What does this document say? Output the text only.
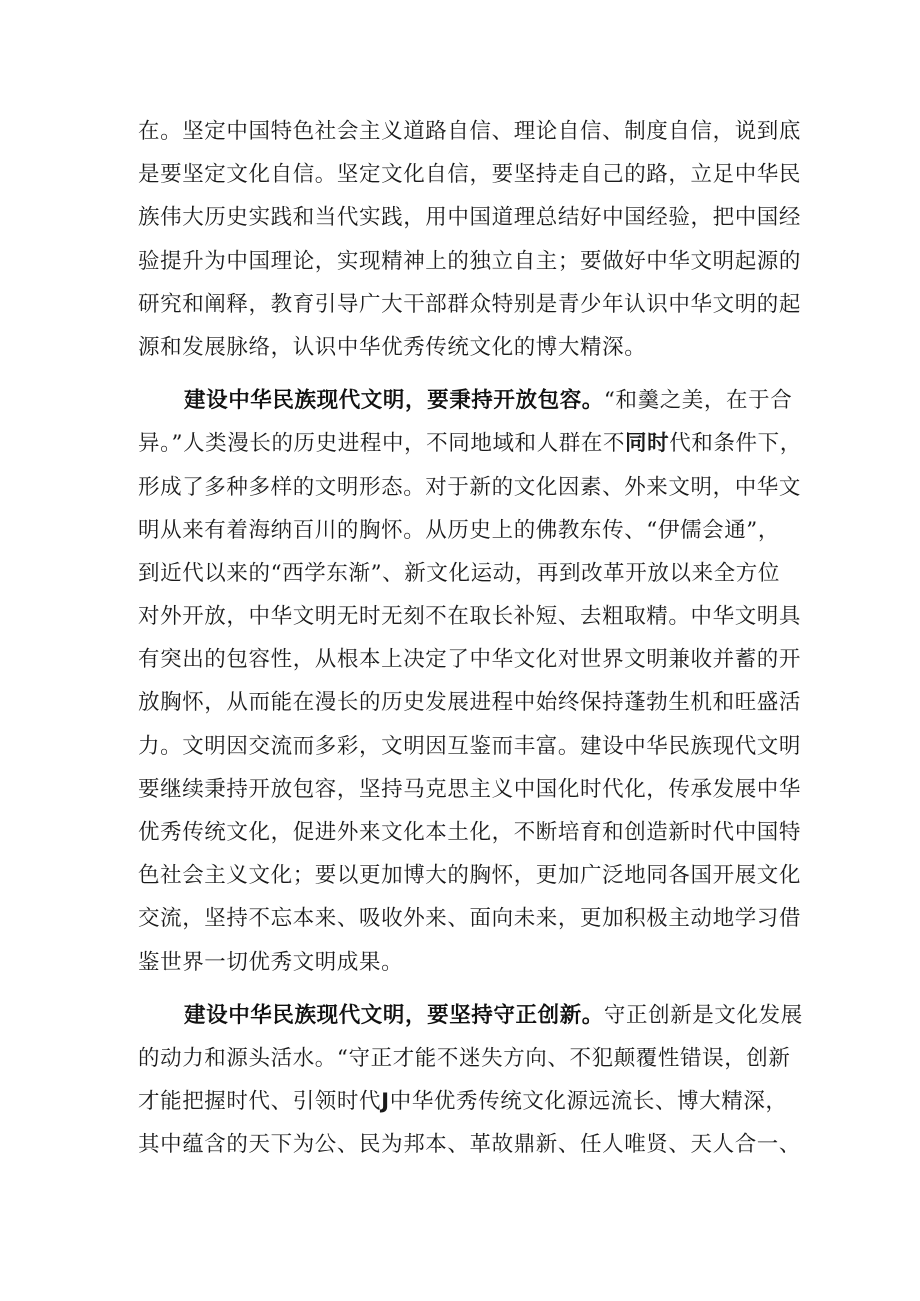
在。坚定中国特色社会主义道路自信、理论自信、制度自信，说到底
是要坚定文化自信。坚定文化自信，要坚持走自己的路，立足中华民
族伟大历史实践和当代实践，用中国道理总结好中国经验，把中国经
验提升为中国理论，实现精神上的独立自主；要做好中华文明起源的
研究和阐释，教育引导广大干部群众特别是青少年认识中华文明的起
源和发展脉络，认识中华优秀传统文化的博大精深。
建设中华民族现代文明，要秉持开放包容。“和羹之美，在于合
异。”人类漫长的历史进程中，不同地域和人群在不同时代和条件下，
形成了多种多样的文明形态。对于新的文化因素、外来文明，中华文
明从来有着海纳百川的胸怀。从历史上的佛教东传、“伊儒会通”，
到近代以来的“西学东渐”、新文化运动，再到改革开放以来全方位
对外开放，中华文明无时无刻不在取长补短、去粗取精。中华文明具
有突出的包容性，从根本上决定了中华文化对世界文明兼收并蓄的开
放胸怀，从而能在漫长的历史发展进程中始终保持蓬勃生机和旺盛活
力。文明因交流而多彩，文明因互鉴而丰富。建设中华民族现代文明
要继续秉持开放包容，坚持马克思主义中国化时代化，传承发展中华
优秀传统文化，促进外来文化本土化，不断培育和创造新时代中国特
色社会主义文化；要以更加博大的胸怀，更加广泛地同各国开展文化
交流，坚持不忘本来、吸收外来、面向未来，更加积极主动地学习借
鉴世界一切优秀文明成果。
建设中华民族现代文明，要坚持守正创新。守正创新是文化发展
的动力和源头活水。“守正才能不迷失方向、不犯颠覆性错误，创新
才能把握时代、引领时代J中华优秀传统文化源远流长、博大精深，
其中蕴含的天下为公、民为邦本、革故鼎新、任人唯贤、天人合一、
